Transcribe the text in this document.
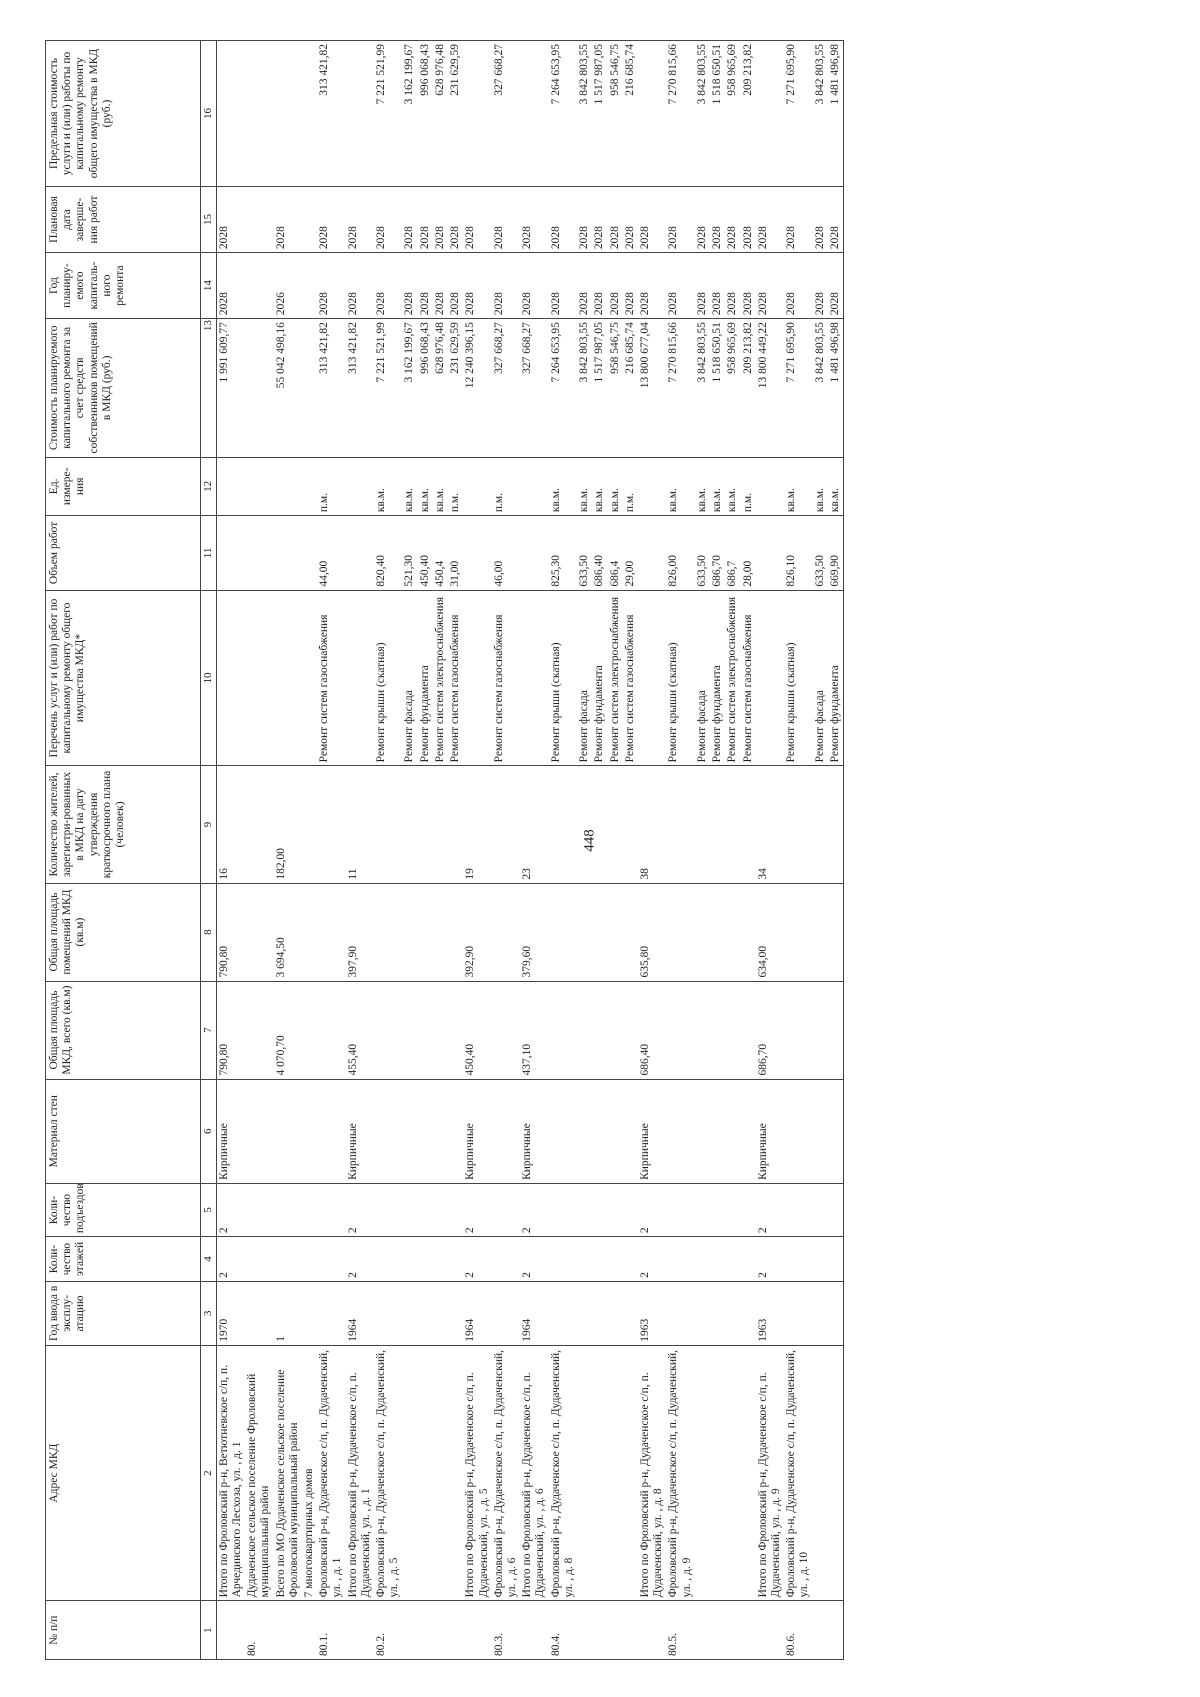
448
№ п/п	Адрес МКД	Год ввода в эксплу-атацию	Коли-чество этажей	Коли-чество подъездов	Материал стен	Общая площадь МКД, всего (кв.м)	Общая площадь помещений МКД (кв.м)	Количество жителей, зарегистри-рованных в МКД на дату утверждения краткосрочного плана (человек)	Перечень услуг и (или) работ по капитальному ремонту общего имущества МКД*	Объем работ	Ед. измере-ния	Стоимость планируемого капитального ремонта за счет средств собственников помещений в МКД (руб.)	Год планиру-емого капиталь-ного ремонта	Плановая дата заверше-ния работ	Предельная стоимость услуги и (или) работы по капитальному ремонту общего имущества в МКД (руб.)
1	2	3	4	5	6	7	8	9	10	11	12	13	14	15	16
	Итого по Фроловский р-н, Ветютневское с/п, п. Арчединского Лесхоза, ул. , д. 1	1970	2	2	Кирпичные	790,80	790,80	16				1 991 609,77	2028	2028	
80.	Дудаченское сельское поселение Фроловский муниципальный район														
	Всего по МО Дудаченское сельское поселение Фроловский муниципальный район	1				4 070,70	3 694,50	182,00				55 042 498,16	2026	2028	
	7 многоквартирных домов														
80.1.	Фроловский р-н, Дудаченское с/п, п. Дудаченский, ул. , д. 1								Ремонт систем газоснабжения	44,00	п.м.	313 421,82	2028	2028	313 421,82
	Итого по Фроловский р-н, Дудаченское с/п, п. Дудаченский, ул. , д. 1	1964	2	2	Кирпичные	455,40	397,90	11				313 421,82	2028	2028	
80.2.	Фроловский р-н, Дудаченское с/п, п. Дудаченский, ул. , д. 5								Ремонт крыши (скатная)	820,40	кв.м.	7 221 521,99	2028	2028	7 221 521,99
									Ремонт фасада	521,30	кв.м.	3 162 199,67	2028	2028	3 162 199,67
									Ремонт фундамента	450,40	кв.м.	996 068,43	2028	2028	996 068,43
									Ремонт систем электроснабжения	450,4	кв.м.	628 976,48	2028	2028	628 976,48
									Ремонт систем газоснабжения	31,00	п.м.	231 629,59	2028	2028	231 629,59
	Итого по Фроловский р-н, Дудаченское с/п, п. Дудаченский, ул. , д. 5	1964	2	2	Кирпичные	450,40	392,90	19				12 240 396,15	2028	2028	
80.3.	Фроловский р-н, Дудаченское с/п, п. Дудаченский, ул. , д. 6								Ремонт систем газоснабжения	46,00	п.м.	327 668,27	2028	2028	327 668,27
	Итого по Фроловский р-н, Дудаченское с/п, п. Дудаченский, ул. , д. 6	1964	2	2	Кирпичные	437,10	379,60	23				327 668,27	2028	2028	
80.4.	Фроловский р-н, Дудаченское с/п, п. Дудаченский, ул. , д. 8								Ремонт крыши (скатная)	825,30	кв.м.	7 264 653,95	2028	2028	7 264 653,95
									Ремонт фасада	633,50	кв.м.	3 842 803,55	2028	2028	3 842 803,55
									Ремонт фундамента	686,40	кв.м.	1 517 987,05	2028	2028	1 517 987,05
									Ремонт систем электроснабжения	686,4	кв.м.	958 546,75	2028	2028	958 546,75
									Ремонт систем газоснабжения	29,00	п.м.	216 685,74	2028	2028	216 685,74
	Итого по Фроловский р-н, Дудаченское с/п, п. Дудаченский, ул. , д. 8	1963	2	2	Кирпичные	686,40	635,80	38				13 800 677,04	2028	2028	
80.5.	Фроловский р-н, Дудаченское с/п, п. Дудаченский, ул. , д. 9								Ремонт крыши (скатная)	826,00	кв.м.	7 270 815,66	2028	2028	7 270 815,66
									Ремонт фасада	633,50	кв.м.	3 842 803,55	2028	2028	3 842 803,55
									Ремонт фундамента	686,70	кв.м.	1 518 650,51	2028	2028	1 518 650,51
									Ремонт систем электроснабжения	686,7	кв.м.	958 965,69	2028	2028	958 965,69
									Ремонт систем газоснабжения	28,00	п.м.	209 213,82	2028	2028	209 213,82
	Итого по Фроловский р-н, Дудаченское с/п, п. Дудаченский, ул. , д. 9	1963	2	2	Кирпичные	686,70	634,00	34				13 800 449,22	2028	2028	
80.6.	Фроловский р-н, Дудаченское с/п, п. Дудаченский, ул. , д. 10								Ремонт крыши (скатная)	826,10	кв.м.	7 271 695,90	2028	2028	7 271 695,90
									Ремонт фасада	633,50	кв.м.	3 842 803,55	2028	2028	3 842 803,55
									Ремонт фундамента	669,90	кв.м.	1 481 496,98	2028	2028	1 481 496,98
